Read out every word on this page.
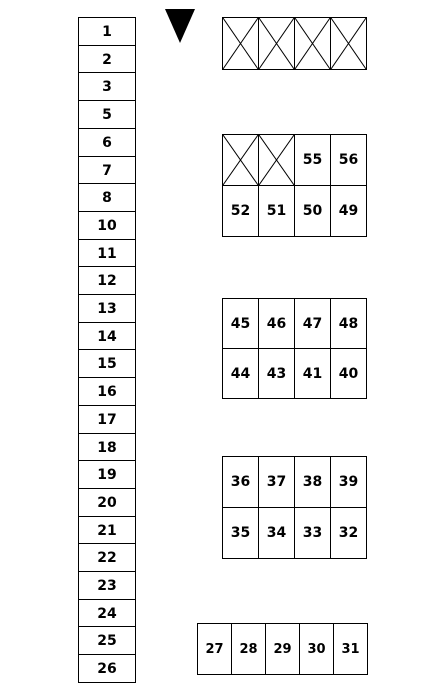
1
2
3
5
6
7
8
10
11
12
13
14
15
16
17
18
19
20
21
22
23
24
25
26
55 56
52 51 50 49
45 46 47 48
44 43 41 40
36 37 38 39
35 34 33 32
27 28 29 30 31
